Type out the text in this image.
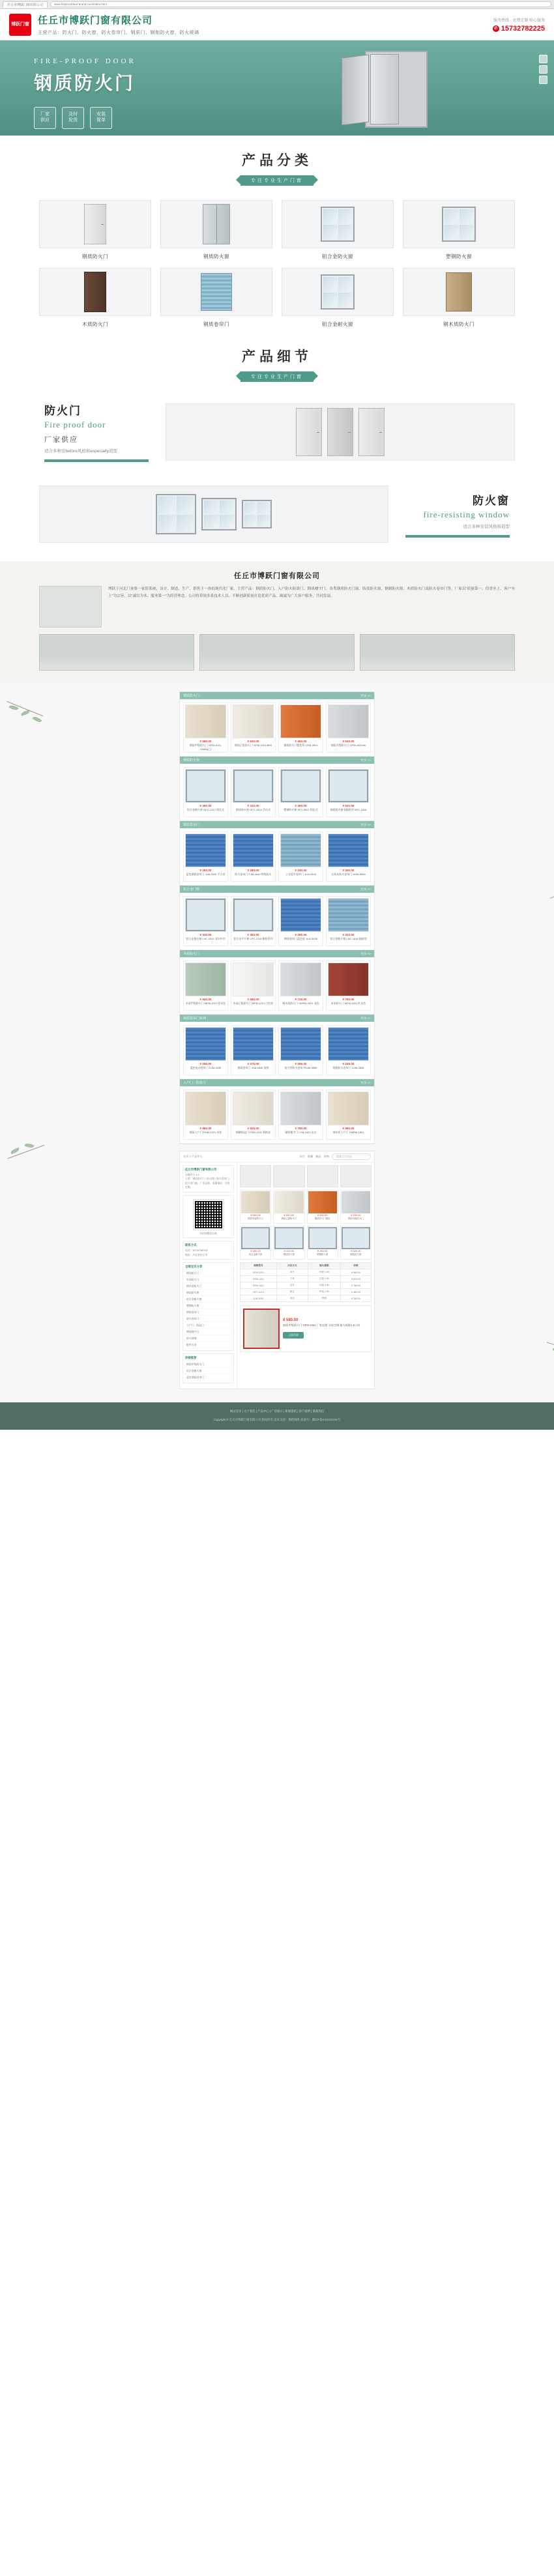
任丘市博跃门窗有限公司	www.fireproofdoor-brand.com/index.html
博跃门窗 任丘市博跃门窗有限公司
主营产品：防火门、防火窗、防火卷帘门、钢质门、钢制防火窗、防火玻璃
服务热线 · 免费定制 贴心服务
✆ 15732782225
FIRE-PROOF DOOR
钢质防火门
厂家
供应
及时
发货
安装
简单
产品分类
专注专业生产门窗
钢质防火门	钢质防火窗	铝合金防火窗	塑钢防火窗
木质防火门	钢质卷帘门	铝合金耐火窗	钢木质防火门
产品细节
专注专业生产门窗
防火门
Fire proof door
厂家供应
适合多种安before风格和especially造型
防火窗
fire-resisting window
适合多种安装风格和造型
任丘市博跃门窗有限公司
博跃于河北门业集一家简系统，设计、制造、生产、销售于一体的现代化厂家。主营产品：钢质防火门、入户防火防盗门、钢质楼宇门、各类钢质防火门窗、防盗防火窗、钢制防火窗、木质防火门及防火卷帘门等。厂家以“质量第一、信誉至上、客户至上”为宗旨，以“诚信为本、服务第一”为经营理念。公司将带领多系技术人员、不断创新质量打造优质产品，竭诚为广大客户服务，共同发展。
钢质防火门	更多 >>
¥ 580.00
钢质甲级防火门 GFM-1021-JJdA5(乙)
¥ 620.00
钢质乙级防火门 GFM-1221-BK5
¥ 450.00
钢质防火门橙色系 GFM-0921
¥ 530.00
钢质丙级防火门 GFM-1522-bk
钢质防火窗	更多 >>
¥ 380.00
铝合金耐火窗 GFC-1212 固定式
¥ 410.00
钢质防火窗 GFC-1515 活动式
¥ 360.00
塑钢防火窗 SFC-0912 固定式
¥ 520.00
钢质防火窗非隔热型 GFC-1818
钢质卷帘门	更多 >>
¥ 260.00
蓝色钢质卷帘门 JLM-3030 平方价
¥ 280.00
防火卷帘门 FJM-4040 特级防火
¥ 240.00
工业提升卷帘门 JLM-2525
¥ 300.00
无机布防火卷帘门 WJM-5050
铝合金门窗	更多 >>
¥ 330.00
铝合金推拉窗 LHC-1512 双层中空
¥ 350.00
铝合金平开窗 LPC-1215 断桥系列
¥ 290.00
钢质卷帘门蓝色款 JLM-3535
¥ 310.00
铝合金耐火窗 LNC-1818 隔热型
木质防火门	更多 >>
¥ 640.00
木质甲级防火门 MFM-1021 原木色
¥ 680.00
木质乙级防火门 MFM-1221 白色款
¥ 720.00
钢木质防火门 GMFM-1521 灰色
¥ 760.00
木质防火门 MFM-1821 红木色
钢质卷帘门系列	更多 >>
¥ 255.00
蓝色电动卷帘门 DJM-3030
¥ 275.00
钢质卷帘门 JLM-4545 加厚
¥ 295.00
复合型防火卷帘 FHJM-5555
¥ 245.00
钢质防火卷帘门 GJM-2828
入户门 · 防盗门	更多 >>
¥ 860.00
钢质入户门 RHM-1021 米色
¥ 920.00
钢制防盗门 FDM-1221 香槟金
¥ 780.00
钢质楼宇门 LYM-1521 灰白
¥ 990.00
钢木质入户门 GMRM-1821
首页 > 产品中心	综合 销量 新品 价格	搜索店内商品
任丘市博跃门窗有限公司

店铺评分 4.9

主营：钢质防火门 / 防火窗 / 防火卷帘门 / 铝合金门窗，厂家直销，质量保证，支持定制。

扫码加微信咨询

联系方式

电话：15732782225

地址：河北省任丘市

全部宝贝分类
钢质防火门
木质防火门
钢木质防火门
钢质防火窗
铝合金耐火窗
塑钢防火窗
钢质卷帘门
防火卷帘门
入户门 · 防盗门
钢质楼宇门
防火玻璃
配件五金
热销推荐
钢质甲级防火门
铝合金耐火窗
蓝色钢质卷帘门
¥ 580.00
钢质甲级防火门
¥ 620.00
钢质乙级防火门
¥ 450.00
钢质防火门橙色
¥ 530.00
钢质丙级防火门
¥ 380.00
铝合金耐火窗
¥ 410.00
钢质防火窗
¥ 360.00
塑钢防火窗
¥ 520.00
钢质防火窗
规格型号	开启方式	耐火极限	价格
GFM-1021	单开	甲级 1.5h	¥ 580.00
GFM-1221	子母	乙级 1.0h	¥ 620.00
GFM-1521	双开	丙级 0.5h	¥ 780.00
GFC-1212	固定	甲级 1.5h	¥ 380.00
JLM-3030	电动	特级	¥ 260.00
¥ 580.00
钢质甲级防火门 GFM-1021 厂家直销 支持定制 耐火极限1.5小时
立即咨询
网站首页 | 关于我们 | 产品中心 | 厂房展示 | 新闻资讯 | 客户案例 | 联系我们
Copyright © 任丘市博跃门窗有限公司 版权所有 技术支持：博跃网络 备案号：冀ICP备XXXXXXXX号
